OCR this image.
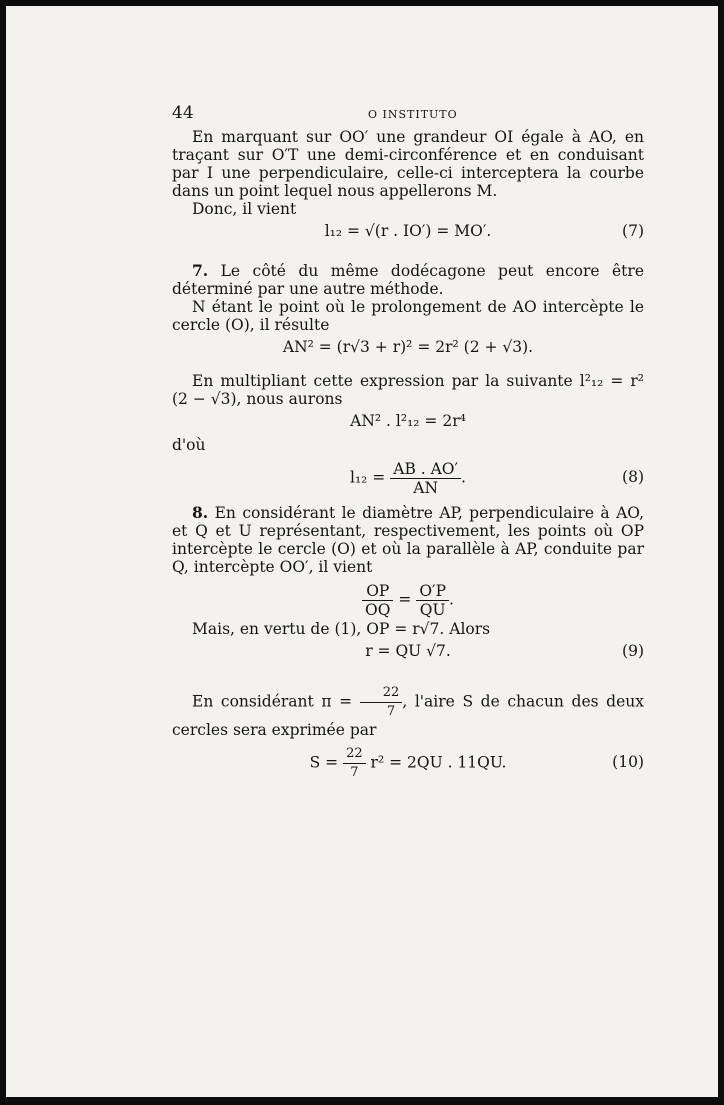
44	O INSTITUTO

En marquant sur OO′ une grandeur OI égale à AO, en traçant sur O′T une demi-circonférence et en conduisant par I une perpendiculaire, celle-ci interceptera la courbe dans un point lequel nous appellerons M.

Donc, il vient

l₁₂ = √(r . IO′) = MO′.	(7)

7. Le côté du même dodécagone peut encore être déterminé par une autre méthode.

N étant le point où le prolongement de AO intercèpte le cercle (O), il résulte

AN² = (r√3 + r)² = 2r² (2 + √3).

En multipliant cette expression par la suivante l²₁₂ = r² (2 − √3), nous aurons

AN² . l²₁₂ = 2r⁴

d'où

$l_{12} = \frac{AB . AO'}{AN}$ .	(8)

8. En considérant le diamètre AP, perpendiculaire à AO, et Q et U représentant, respectivement, les points où OP intercèpte le cercle (O) et où la parallèle à AP, conduite par Q, intercèpte OO′, il vient

$\frac{OP}{OQ} = \frac{O'P}{QU}$ .

Mais, en vertu de (1), OP = r√7. Alors

r = QU √7.	(9)

En considérant $\pi = \frac{22}{7}$ , l'aire S de chacun des deux cercles sera exprimée par

$S = \frac{22}{7} r^2 = 2QU$ . 11QU.	(10)
